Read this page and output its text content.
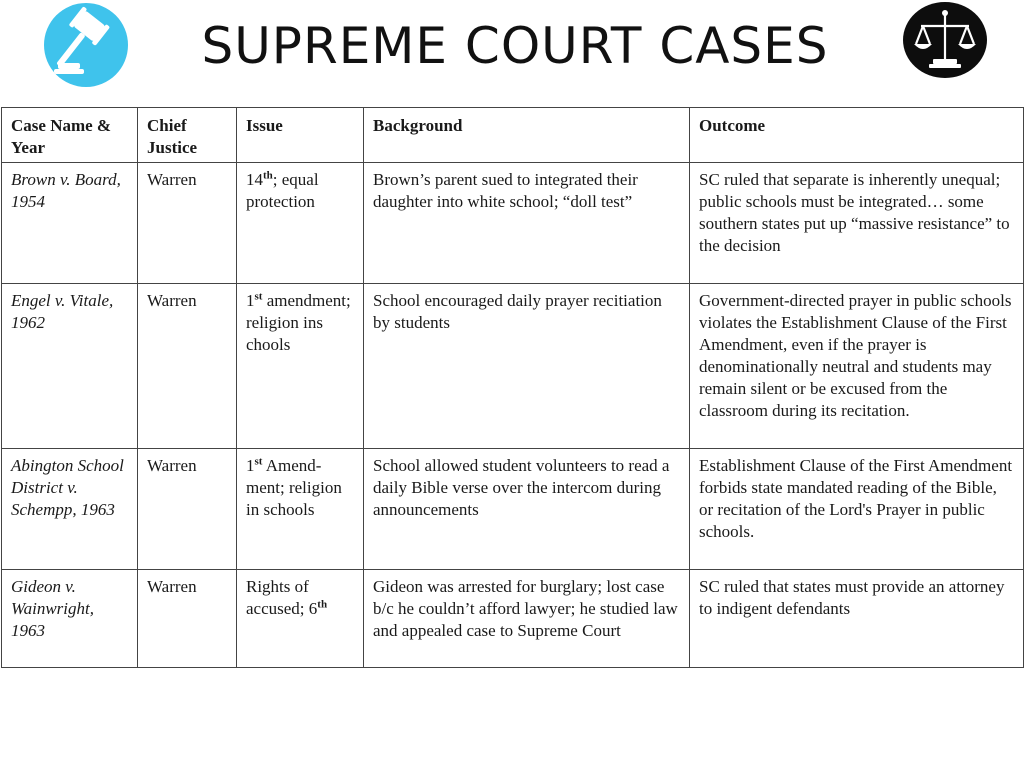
SUPREME COURT CASES
Case Name & Year	Chief Justice	Issue	Background	Outcome
Brown v. Board, 1954	Warren	14th; equal protection	Brown’s parent sued to integrated their daughter into white school; “doll test”	SC ruled that separate is inherently unequal; public schools must be integrated… some southern states put up “massive resistance” to the decision
Engel v. Vitale, 1962	Warren	1st amendment; religion ins chools	School encouraged daily prayer recitiation by students	Government-directed prayer in public schools violates the Establishment Clause of the First Amendment, even if the prayer is denominationally neutral and students may remain silent or be excused from the classroom during its recitation.
Abington School District v. Schempp, 1963	Warren	1st Amend-ment; religion in schools	School allowed student volunteers to read a daily Bible verse over the intercom during announcements	Establishment Clause of the First Amendment forbids state mandated reading of the Bible, or recitation of the Lord's Prayer in public schools.
Gideon v. Wainwright, 1963	Warren	Rights of accused; 6th	Gideon was arrested for burglary; lost case b/c he couldn’t afford lawyer; he studied law and appealed case to Supreme Court	SC ruled that states must provide an attorney to indigent defendants
